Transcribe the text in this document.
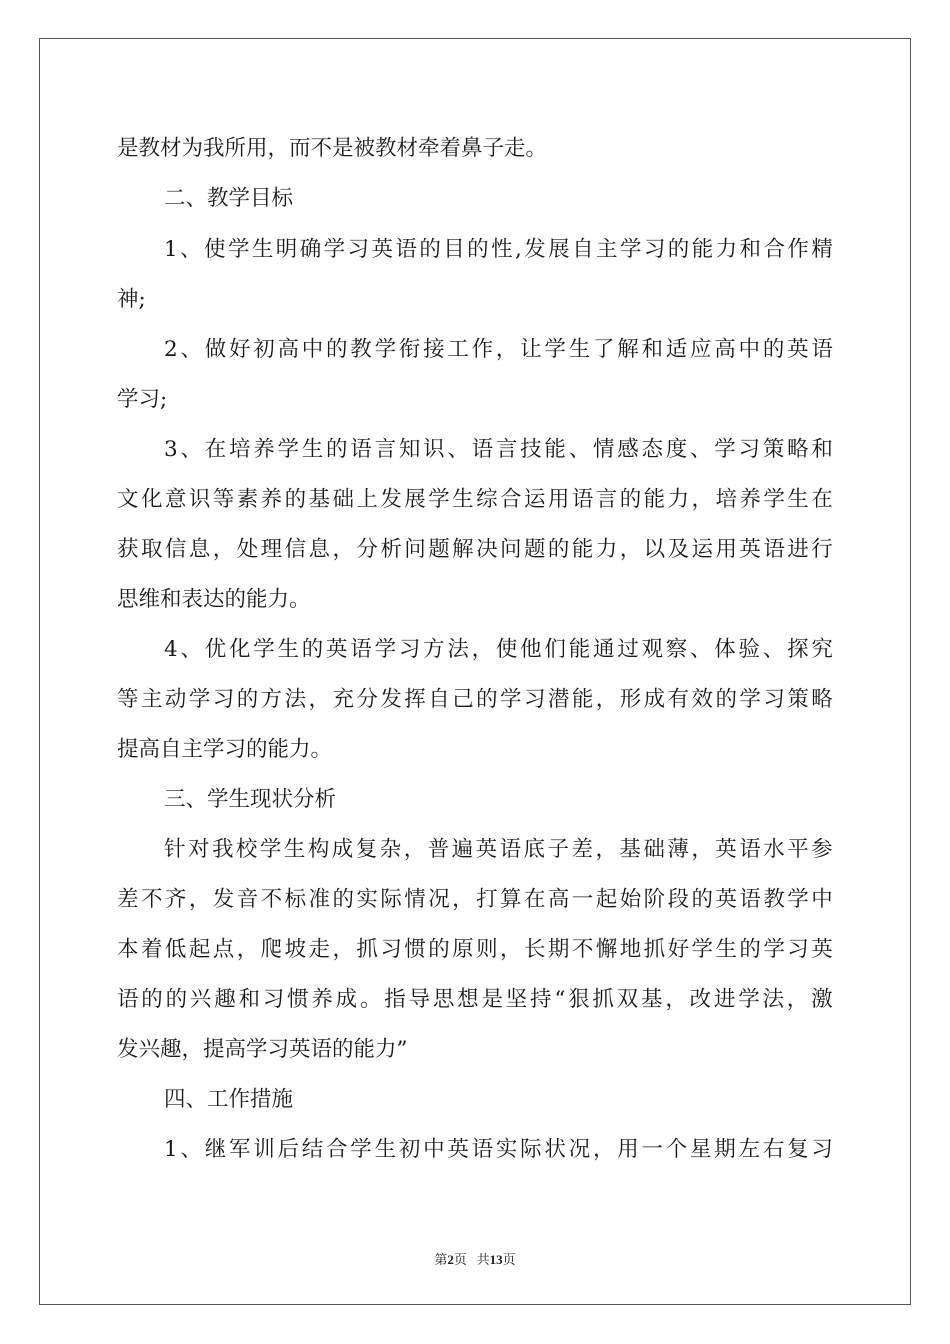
是教材为我所用，而不是被教材牵着鼻子走。
二、教学目标
1 、 使 学 生 明 确 学 习 英 语 的 目 的 性 , 发 展 自 主 学 习 的 能 力 和 合 作 精
神;
2 、 做 好 初 高 中 的 教 学 衔 接 工 作 ， 让 学 生 了 解 和 适 应 高 中 的 英 语
学习;
3 、 在 培 养 学 生 的 语 言 知 识 、 语 言 技 能 、 情 感 态 度 、 学 习 策 略 和
文 化 意 识 等 素 养 的 基 础 上 发 展 学 生 综 合 运 用 语 言 的 能 力 ， 培 养 学 生 在
获 取 信 息 ， 处 理 信 息 ， 分 析 问 题 解 决 问 题 的 能 力 ， 以 及 运 用 英 语 进 行
思维和表达的能力。
4 、 优 化 学 生 的 英 语 学 习 方 法 ， 使 他 们 能 通 过 观 察 、 体 验 、 探 究
等 主 动 学 习 的 方 法 ， 充 分 发 挥 自 己 的 学 习 潜 能 ， 形 成 有 效 的 学 习 策 略
提高自主学习的能力。
三、学生现状分析
针 对 我 校 学 生 构 成 复 杂 ， 普 遍 英 语 底 子 差 ， 基 础 薄 ， 英 语 水 平 参
差 不 齐 ， 发 音 不 标 准 的 实 际 情 况 ， 打 算 在 高 一 起 始 阶 段 的 英 语 教 学 中
本 着 低 起 点 ， 爬 坡 走 ， 抓 习 惯 的 原 则 ， 长 期 不 懈 地 抓 好 学 生 的 学 习 英
语 的 的 兴 趣 和 习 惯 养 成 。 指 导 思 想 是 坚 持 “ 狠 抓 双 基 ， 改 进 学 法 ， 激
发兴趣，提高学习英语的能力”
四、工作措施
1 、 继 军 训 后 结 合 学 生 初 中 英 语 实 际 状 况 ， 用 一 个 星 期 左 右 复 习
第2页   共13页
